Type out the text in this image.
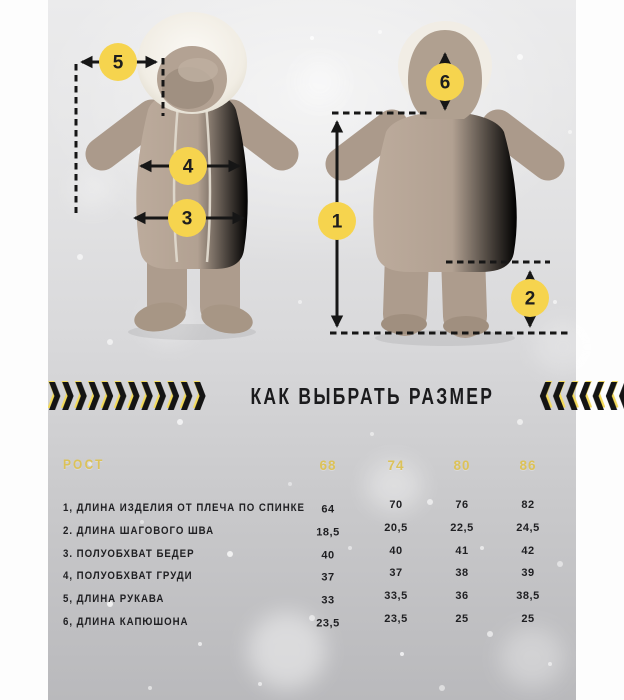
1
2
3
4
5
6
КАК ВЫБРАТЬ РАЗМЕР
РОСТ	68	74	80	86
1, ДЛИНА ИЗДЕЛИЯ ОТ ПЛЕЧА ПО СПИНКЕ	64	70	76	82
2. ДЛИНА ШАГОВОГО ШВА	18,5	20,5	22,5	24,5
3. ПОЛУОБХВАТ БЕДЕР	40	40	41	42
4, ПОЛУОБХВАТ ГРУДИ	37	37	38	39
5, ДЛИНА РУКАВА	33	33,5	36	38,5
6, ДЛИНА КАПЮШОНА	23,5	23,5	25	25
